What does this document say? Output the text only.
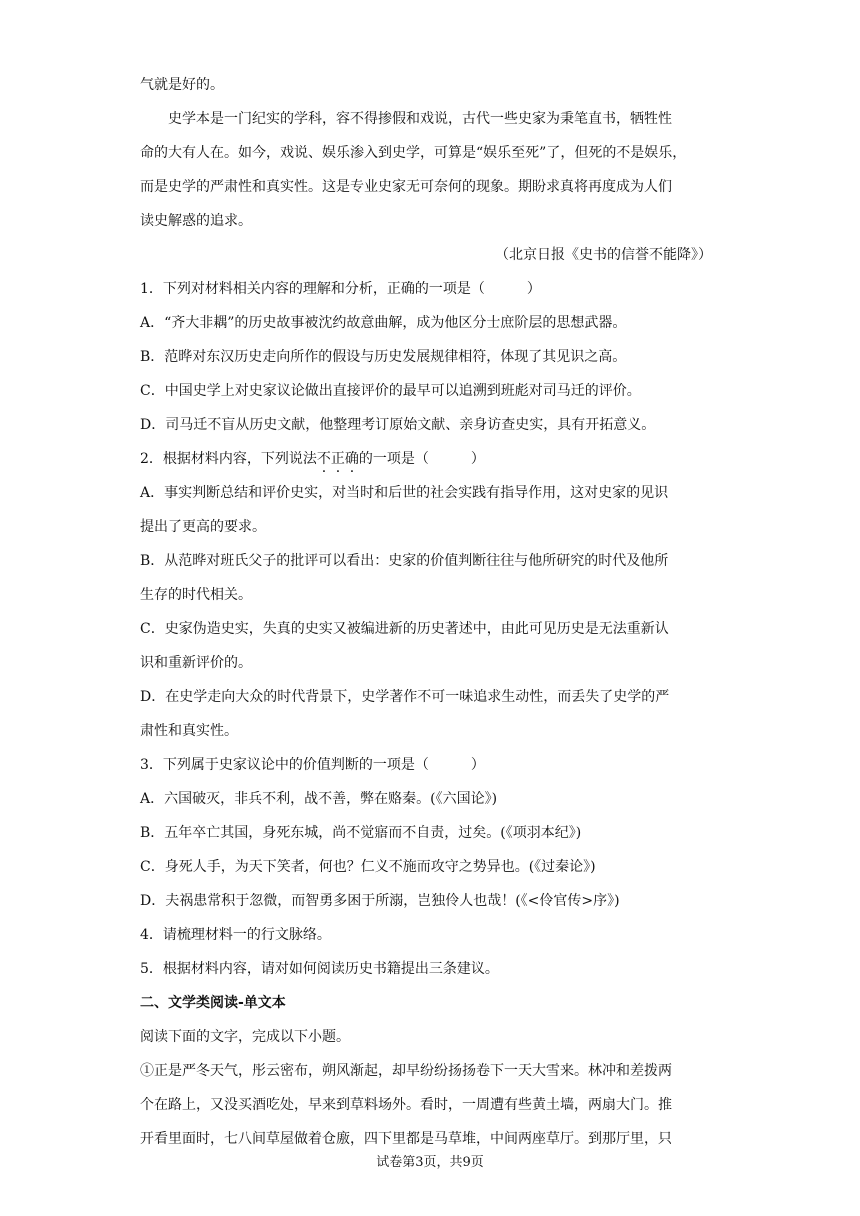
气就是好的。

史学本是一门纪实的学科，容不得掺假和戏说，古代一些史家为秉笔直书，牺牲性

命的大有人在。如今，戏说、娱乐渗入到史学，可算是“娱乐至死”了，但死的不是娱乐，

而是史学的严肃性和真实性。这是专业史家无可奈何的现象。期盼求真将再度成为人们

读史解惑的追求。

（北京日报《史书的信誉不能降》）

1．下列对材料相关内容的理解和分析，正确的一项是（　　　）

A．“齐大非耦”的历史故事被沈约故意曲解，成为他区分士庶阶层的思想武器。

B．范晔对东汉历史走向所作的假设与历史发展规律相符，体现了其见识之高。

C．中国史学上对史家议论做出直接评价的最早可以追溯到班彪对司马迁的评价。

D．司马迁不盲从历史文献，他整理考订原始文献、亲身访查史实，具有开拓意义。

2．根据材料内容，下列说法不正确的一项是（　　　）

A．事实判断总结和评价史实，对当时和后世的社会实践有指导作用，这对史家的见识

提出了更高的要求。

B．从范晔对班氏父子的批评可以看出：史家的价值判断往往与他所研究的时代及他所

生存的时代相关。

C．史家伪造史实，失真的史实又被编进新的历史著述中，由此可见历史是无法重新认

识和重新评价的。

D．在史学走向大众的时代背景下，史学著作不可一味追求生动性，而丢失了史学的严

肃性和真实性。

3．下列属于史家议论中的价值判断的一项是（　　　）

A．六国破灭，非兵不利，战不善，弊在赂秦。(《六国论》)

B．五年卒亡其国，身死东城，尚不觉寤而不自责，过矣。(《项羽本纪》)

C．身死人手，为天下笑者，何也？仁义不施而攻守之势异也。(《过秦论》)

D．夫祸患常积于忽微，而智勇多困于所溺，岂独伶人也哉！(《<伶官传>序》)

4．请梳理材料一的行文脉络。

5．根据材料内容，请对如何阅读历史书籍提出三条建议。

二、文学类阅读-单文本

阅读下面的文字，完成以下小题。

①正是严冬天气，彤云密布，朔风渐起，却早纷纷扬扬卷下一天大雪来。林冲和差拨两

个在路上，又没买酒吃处，早来到草料场外。看时，一周遭有些黄土墙，两扇大门。推

开看里面时，七八间草屋做着仓廒，四下里都是马草堆，中间两座草厅。到那厅里，只

试卷第3页，共9页
